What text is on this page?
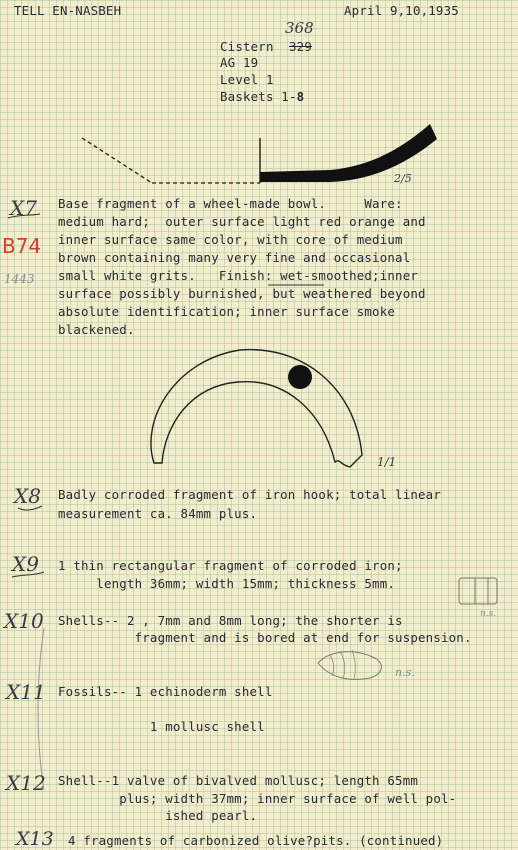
TELL EN-NASBEH	April 9,10,1935
Cistern 329
368
AG 19
Level 1
Baskets 1-8
2/5
1/1
n.s.
n.s.
X7
B74
1443
Base fragment of a wheel-made bowl.     Ware:
medium hard;  outer surface light red orange and
inner surface same color, with core of medium
brown containing many very fine and occasional
small white grits.   Finish: wet-smoothed;inner
surface possibly burnished, but weathered beyond
absolute identification; inner surface smoke
blackened.
X8 Badly corroded fragment of iron hook; total linear
measurement ca. 84mm plus.
X9 1 thin rectangular fragment of corroded iron;
length 36mm; width 15mm; thickness 5mm.
X10 Shells-- 2 , 7mm and 8mm long; the shorter is
fragment and is bored at end for suspension.
X11 Fossils-- 1 echinoderm shell
1 mollusc shell
X12 Shell--1 valve of bivalved mollusc; length 65mm
plus; width 37mm; inner surface of well pol-
ished pearl.
X13 4 fragments of carbonized olive?pits. (continued)
